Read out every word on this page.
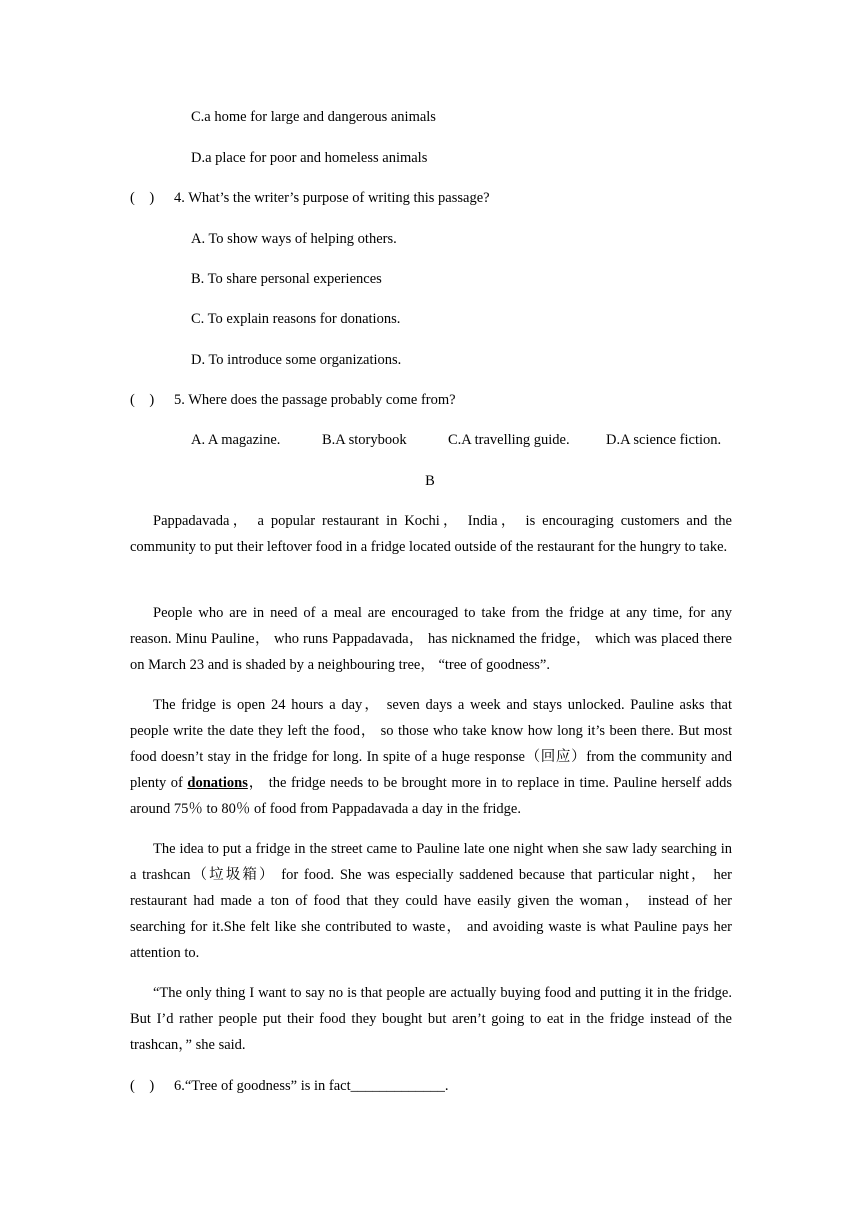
C.a home for large and dangerous animals
D.a place for poor and homeless animals
(　) 4. What’s the writer’s purpose of writing this passage?
A. To show ways of helping others.
B. To share personal experiences
C. To explain reasons for donations.
D. To introduce some organizations.
(　) 5. Where does the passage probably come from?
A. A magazine.	B.A storybook	C.A travelling guide.	D.A science fiction.
B
Pappadavada， a popular restaurant in Kochi， India， is encouraging customers and the community to put their leftover food in a fridge located outside of the restaurant for the hungry to take.
People who are in need of a meal are encouraged to take from the fridge at any time, for any reason. Minu Pauline， who runs Pappadavada， has nicknamed the fridge， which was placed there on March 23 and is shaded by a neighbouring tree， “tree of goodness”.
The fridge is open 24 hours a day， seven days a week and stays unlocked. Pauline asks that people write the date they left the food， so those who take know how long it’s been there. But most food doesn’t stay in the fridge for long. In spite of a huge response（回应）from the community and plenty of donations， the fridge needs to be brought more in to replace in time. Pauline herself adds around 75％ to 80％ of food from Pappadavada a day in the fridge.
The idea to put a fridge in the street came to Pauline late one night when she saw lady searching in a trashcan（垃圾箱） for food. She was especially saddened because that particular night， her restaurant had made a ton of food that they could have easily given the woman， instead of her searching for it.She felt like she contributed to waste， and avoiding waste is what Pauline pays her attention to.
“The only thing I want to say no is that people are actually buying food and putting it in the fridge. But I’d rather people put their food they bought but aren’t going to eat in the fridge instead of the trashcan，” she said.
(　) 6.“Tree of goodness” is in fact_____________.
